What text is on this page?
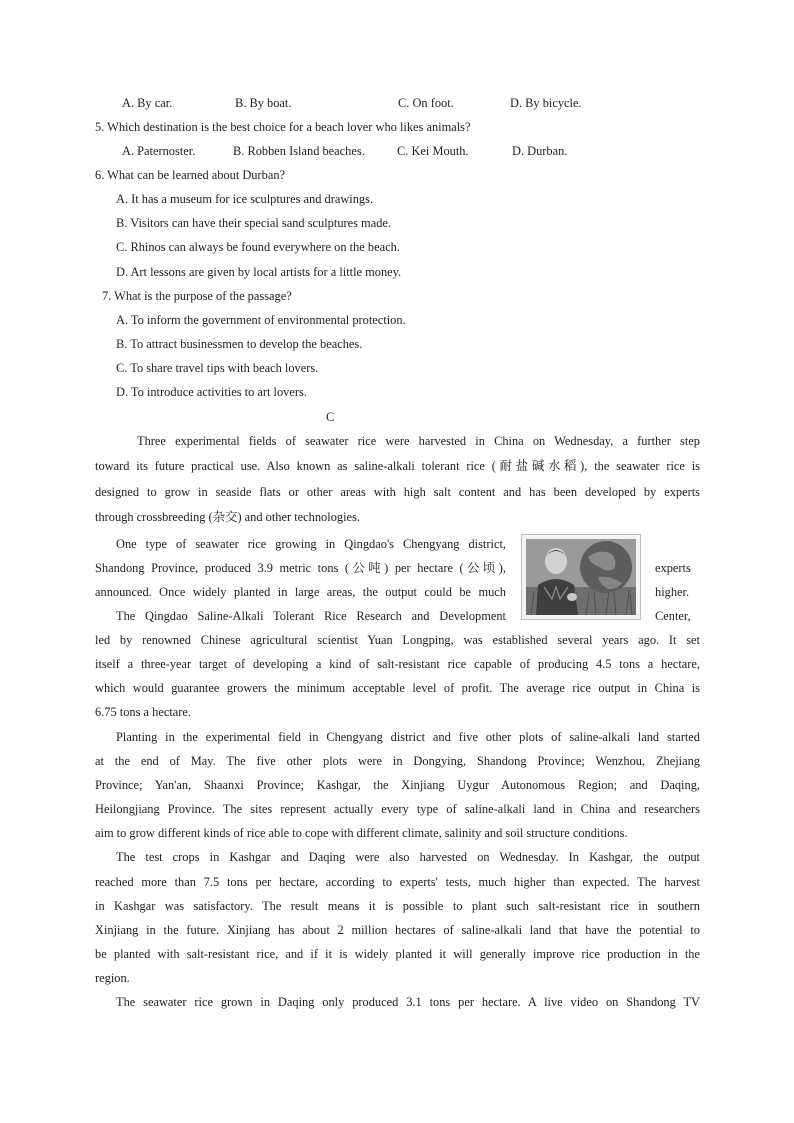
A. By car.	B. By boat.	C. On foot.	D. By bicycle.
5. Which destination is the best choice for a beach lover who likes animals?
A. Paternoster.	B. Robben Island beaches.	C. Kei Mouth.	D. Durban.
6. What can be learned about Durban?
A. It has a museum for ice sculptures and drawings.
B. Visitors can have their special sand sculptures made.
C. Rhinos can always be found everywhere on the beach.
D. Art lessons are given by local artists for a little money.
7. What is the purpose of the passage?
A. To inform the government of environmental protection.
B. To attract businessmen to develop the beaches.
C. To share travel tips with beach lovers.
D. To introduce activities to art lovers.
C
Three experimental fields of seawater rice were harvested in China on Wednesday, a further step
toward its future practical use. Also known as saline-alkali tolerant rice (耐盐碱水稻), the seawater rice is
designed to grow in seaside flats or other areas with high salt content and has been developed by experts
through crossbreeding (杂交) and other technologies.
One type of seawater rice growing in Qingdao's Chengyang district,
Shandong Province, produced 3.9 metric tons (公吨) per hectare (公顷),	experts
announced. Once widely planted in large areas, the output could be much	higher.
The Qingdao Saline-Alkali Tolerant Rice Research and Development	Center,
led by renowned Chinese agricultural scientist Yuan Longping, was established several years ago. It set
itself a three-year target of developing a kind of salt-resistant rice capable of producing 4.5 tons a hectare,
which would guarantee growers the minimum acceptable level of profit. The average rice output in China is
6.75 tons a hectare.
Planting in the experimental field in Chengyang district and five other plots of saline-alkali land started
at the end of May. The five other plots were in Dongying, Shandong Province; Wenzhou, Zhejiang
Province; Yan'an, Shaanxi Province; Kashgar, the Xinjiang Uygur Autonomous Region; and Daqing,
Heilongjiang Province. The sites represent actually every type of saline-alkali land in China and researchers
aim to grow different kinds of rice able to cope with different climate, salinity and soil structure conditions.
The test crops in Kashgar and Daqing were also harvested on Wednesday. In Kashgar, the output
reached more than 7.5 tons per hectare, according to experts' tests, much higher than expected. The harvest
in Kashgar was satisfactory. The result means it is possible to plant such salt-resistant rice in southern
Xinjiang in the future. Xinjiang has about 2 million hectares of saline-alkali land that have the potential to
be planted with salt-resistant rice, and if it is widely planted it will generally improve rice production in the
region.
The seawater rice grown in Daqing only produced 3.1 tons per hectare. A live video on Shandong TV
